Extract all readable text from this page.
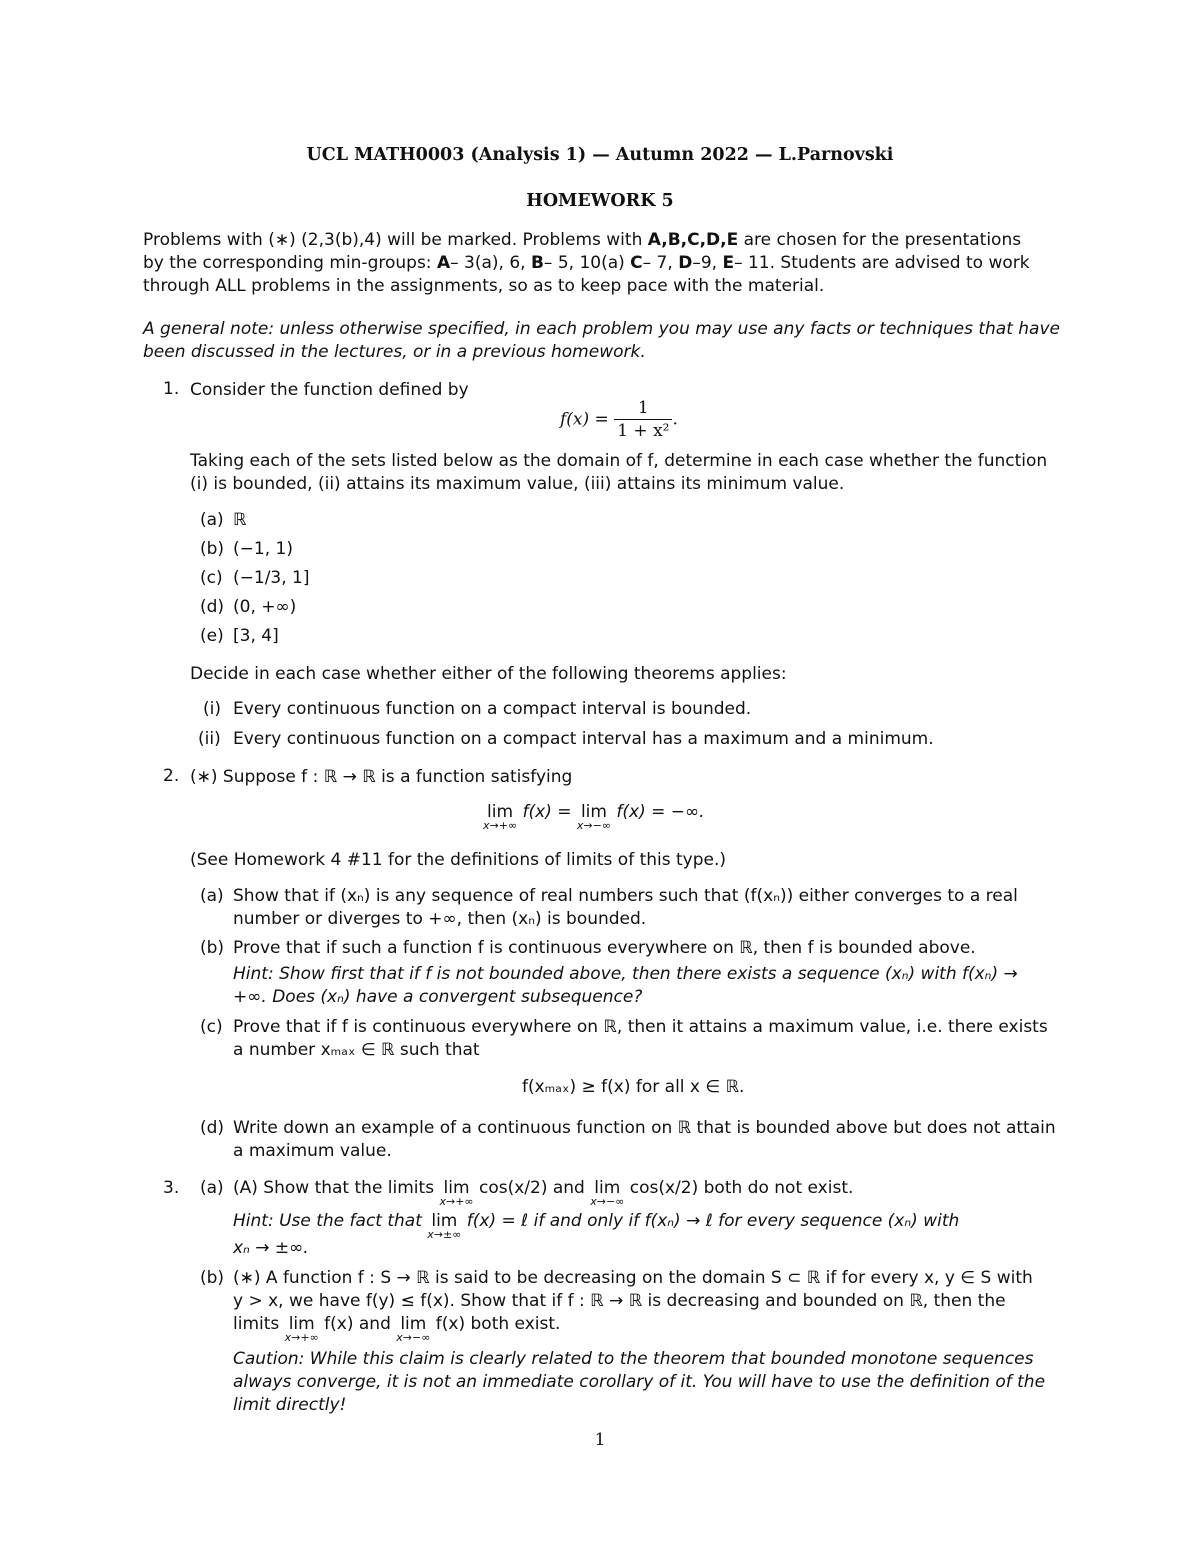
UCL MATH0003 (Analysis 1) — Autumn 2022 — L.Parnovski
HOMEWORK 5
Problems with (∗) (2,3(b),4) will be marked. Problems with A,B,C,D,E are chosen for the presentations
by the corresponding min-groups: A– 3(a), 6, B– 5, 10(a) C– 7, D–9, E– 11. Students are advised to work
through ALL problems in the assignments, so as to keep pace with the material.
A general note: unless otherwise specified, in each problem you may use any facts or techniques that have
been discussed in the lectures, or in a previous homework.
1. Consider the function defined by
$f(x) = \frac{1}{\text{1 + x²}}$ .
Taking each of the sets listed below as the domain of f, determine in each case whether the function
(i) is bounded, (ii) attains its maximum value, (iii) attains its minimum value.
(a) ℝ
(b) (−1, 1)
(c) (−1/3, 1]
(d) (0, +∞)
(e) [3, 4]
Decide in each case whether either of the following theorems applies:
(i) Every continuous function on a compact interval is bounded.
(ii) Every continuous function on a compact interval has a maximum and a minimum.
2. (∗) Suppose f : ℝ → ℝ is a function satisfying
lim
x→+∞
f(x) = lim
x→−∞
f(x) = −∞.
(See Homework 4 #11 for the definitions of limits of this type.)
(a) Show that if (xₙ) is any sequence of real numbers such that (f(xₙ)) either converges to a real
number or diverges to +∞, then (xₙ) is bounded.
(b) Prove that if such a function f is continuous everywhere on ℝ, then f is bounded above.
Hint: Show first that if f is not bounded above, then there exists a sequence (xₙ) with f(xₙ) →
+∞. Does (xₙ) have a convergent subsequence?
(c) Prove that if f is continuous everywhere on ℝ, then it attains a maximum value, i.e. there exists
a number xₘₐₓ ∈ ℝ such that
f(xₘₐₓ) ≥ f(x) for all x ∈ ℝ.
(d) Write down an example of a continuous function on ℝ that is bounded above but does not attain
a maximum value.
3. (a) (A) Show that the limits lim
x→+∞
cos(x/2) and lim
x→−∞
cos(x/2) both do not exist.
Hint: Use the fact that lim
x→±∞
f(x) = ℓ if and only if f(xₙ) → ℓ for every sequence (xₙ) with
xₙ → ±∞.
(b) (∗) A function f : S → ℝ is said to be decreasing on the domain S ⊂ ℝ if for every x, y ∈ S with
y > x, we have f(y) ≤ f(x). Show that if f : ℝ → ℝ is decreasing and bounded on ℝ, then the
limits lim
x→+∞
f(x) and lim
x→−∞
f(x) both exist.
Caution: While this claim is clearly related to the theorem that bounded monotone sequences
always converge, it is not an immediate corollary of it. You will have to use the definition of the
limit directly!
1
